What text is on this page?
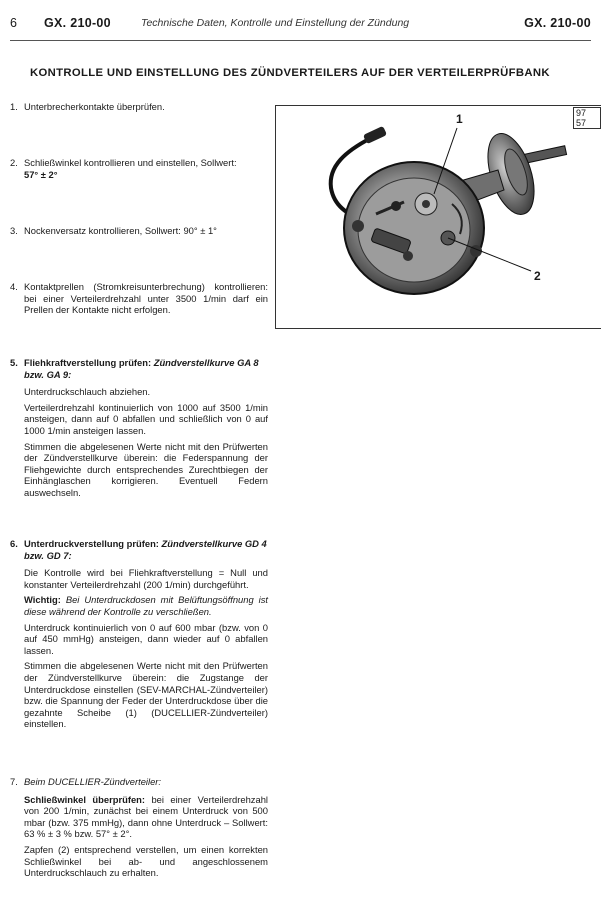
6 GX. 210-00	Technische Daten, Kontrolle und Einstellung der Zündung	GX. 210-00
KONTROLLE UND EINSTELLUNG DES ZÜNDVERTEILERS AUF DER VERTEILERPRÜFBANK
1. Unterbrecherkontakte überprüfen.

2. Schließwinkel kontrollieren und einstellen, Sollwert:

57° ± 2°

3. Nockenversatz kontrollieren, Sollwert: 90° ± 1°

4. Kontaktprellen (Stromkreisunterbrechung) kontrollieren: bei einer Verteilerdrehzahl unter 3500 1/min darf ein Prellen der Kontakte nicht erfolgen.

5. Fliehkraftverstellung prüfen: Zündverstellkurve GA 8 bzw. GA 9:

Unterdruckschlauch abziehen.

Verteilerdrehzahl kontinuierlich von 1000 auf 3500 1/min ansteigen, dann auf 0 abfallen und schließlich von 0 auf 1000 1/min ansteigen lassen.

Stimmen die abgelesenen Werte nicht mit den Prüfwerten der Zündverstellkurve überein: die Federspannung der Fliehgewichte durch entsprechendes Zurechtbiegen der Einhänglaschen korrigieren. Eventuell Federn auswechseln.

6. Unterdruckverstellung prüfen: Zündverstellkurve GD 4 bzw. GD 7:

Die Kontrolle wird bei Fliehkraftverstellung = Null und konstanter Verteilerdrehzahl (200 1/min) durchgeführt.

Wichtig: Bei Unterdruckdosen mit Belüftungsöffnung ist diese während der Kontrolle zu verschließen.

Unterdruck kontinuierlich von 0 auf 600 mbar (bzw. von 0 auf 450 mmHg) ansteigen, dann wieder auf 0 abfallen lassen.

Stimmen die abgelesenen Werte nicht mit den Prüfwerten der Zündverstellkurve überein: die Zugstange der Unterdruckdose einstellen (SEV-MARCHAL-Zündverteiler) bzw. die Spannung der Feder der Unterdruckdose über die gezahnte Scheibe (1) (DUCELLIER-Zündverteiler) einstellen.

7. Beim DUCELLIER-Zündverteiler:

Schließwinkel überprüfen: bei einer Verteilerdrehzahl von 200 1/min, zunächst bei einem Unterdruck von 500 mbar (bzw. 375 mmHg), dann ohne Unterdruck – Sollwert: 63 % ± 3 % bzw. 57° ± 2°.

Zapfen (2) entsprechend verstellen, um einen korrekten Schließwinkel bei ab- und angeschlossenem Unterdruckschlauch zu erhalten.

1
2
97 57
